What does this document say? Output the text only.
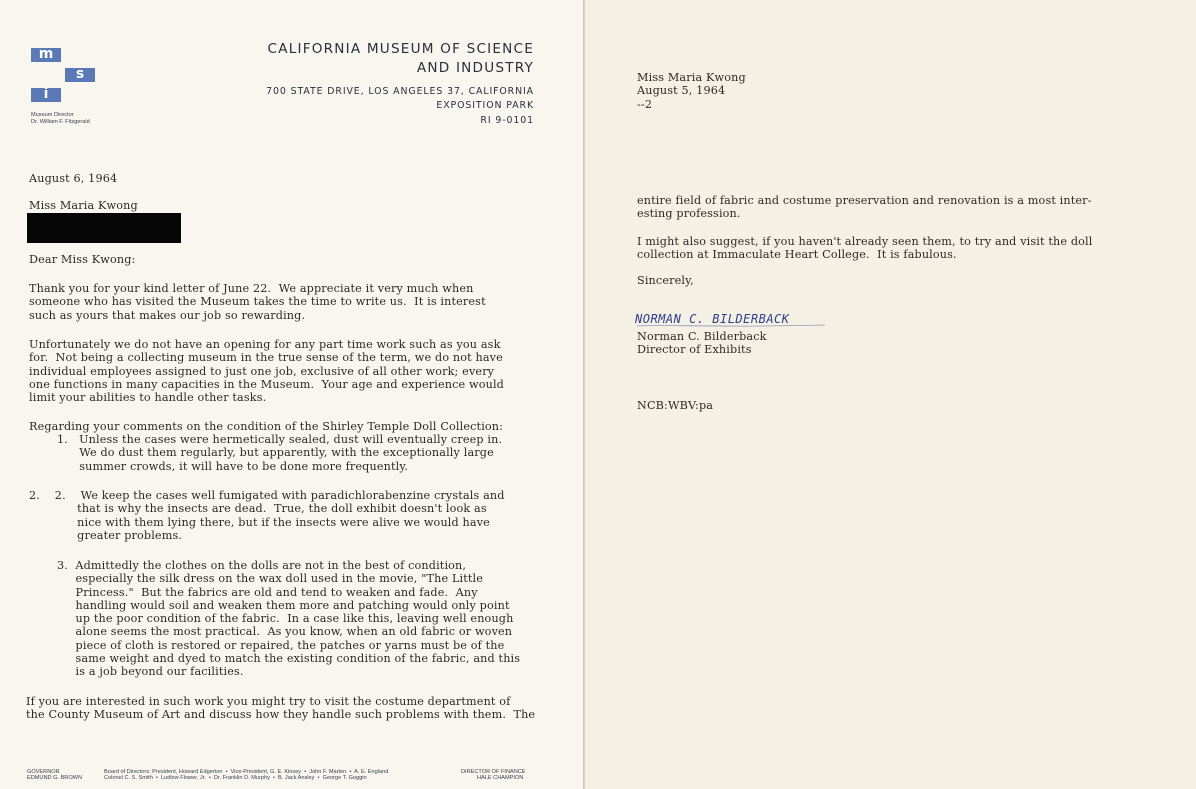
m
s
i
Museum Director
Dr. William F. Fitzgerald
CALIFORNIA MUSEUM OF SCIENCE
AND INDUSTRY
700 STATE DRIVE, LOS ANGELES 37, CALIFORNIA
EXPOSITION PARK
RI 9-0101
August 6, 1964
Miss Maria Kwong
Dear Miss Kwong:
Thank you for your kind letter of June 22.  We appreciate it very much when
someone who has visited the Museum takes the time to write us.  It is interest
such as yours that makes our job so rewarding.
Unfortunately we do not have an opening for any part time work such as you ask
for.  Not being a collecting museum in the true sense of the term, we do not have
individual employees assigned to just one job, exclusive of all other work; every
one functions in many capacities in the Museum.  Your age and experience would
limit your abilities to handle other tasks.
Regarding your comments on the condition of the Shirley Temple Doll Collection:
1.   Unless the cases were hermetically sealed, dust will eventually creep in.
We do dust them regularly, but apparently, with the exceptionally large
summer crowds, it will have to be done more frequently.
2.    2.    We keep the cases well fumigated with paradichlorabenzine crystals and
that is why the insects are dead.  True, the doll exhibit doesn't look as
nice with them lying there, but if the insects were alive we would have
greater problems.
3.  Admittedly the clothes on the dolls are not in the best of condition,
especially the silk dress on the wax doll used in the movie, "The Little
Princess."  But the fabrics are old and tend to weaken and fade.  Any
handling would soil and weaken them more and patching would only point
up the poor condition of the fabric.  In a case like this, leaving well enough
alone seems the most practical.  As you know, when an old fabric or woven
piece of cloth is restored or repaired, the patches or yarns must be of the
same weight and dyed to match the existing condition of the fabric, and this
is a job beyond our facilities.
If you are interested in such work you might try to visit the costume department of
the County Museum of Art and discuss how they handle such problems with them.  The
GOVERNOR
EDMUND G. BROWN
Board of Directors: President, Howard Edgerton  •  Vice-President, G. E. Kinsey  •  John F. Marten  •  A. E. England
Colonel C. S. Smith  •  Ludlow Flower, Jr.  •  Dr. Franklin D. Murphy  •  B. Jack Ansley  •  George T. Goggin
DIRECTOR OF FINANCE
HALE CHAMPION
Miss Maria Kwong
August 5, 1964
--2
entire field of fabric and costume preservation and renovation is a most inter-
esting profession.
I might also suggest, if you haven't already seen them, to try and visit the doll
collection at Immaculate Heart College.  It is fabulous.
Sincerely,
NORMAN C. BILDERBACK
Norman C. Bilderback
Director of Exhibits
NCB:WBV:pa
